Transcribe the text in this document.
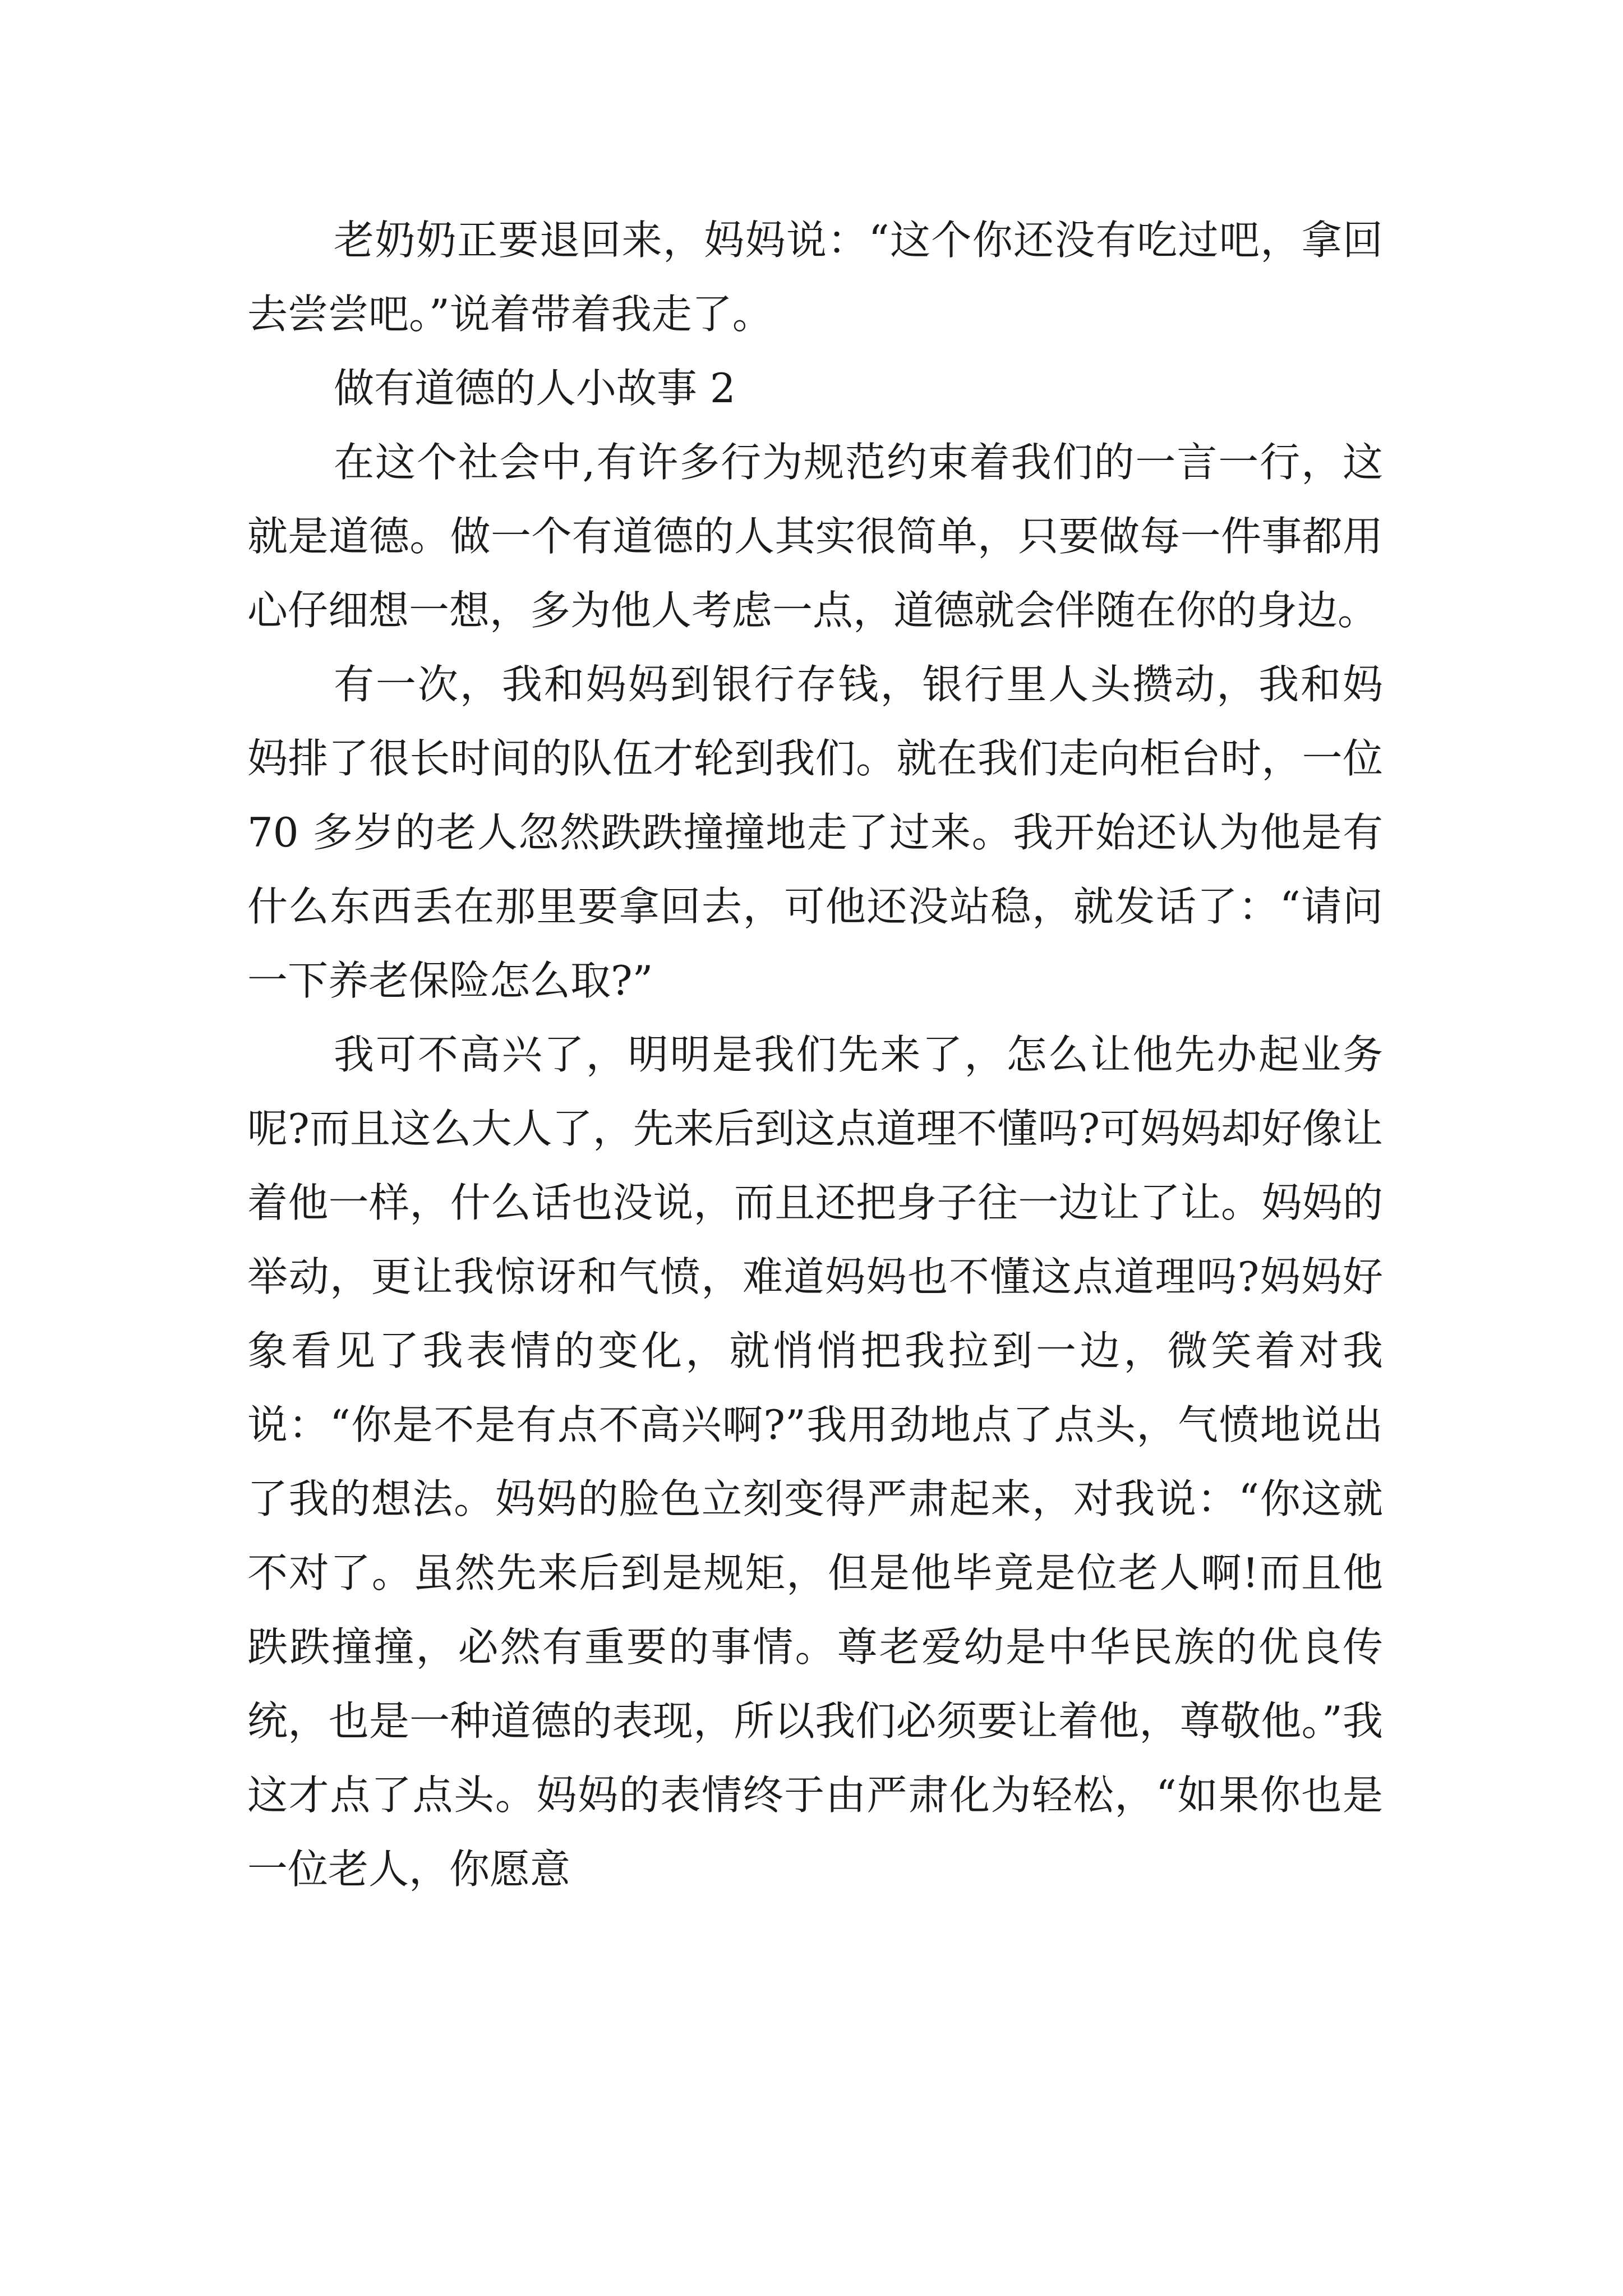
老奶奶正要退回来，妈妈说：“这个你还没有吃过吧，拿回去尝尝吧。”说着带着我走了。

做有道德的人小故事 2

在这个社会中,有许多行为规范约束着我们的一言一行，这就是道德。做一个有道德的人其实很简单，只要做每一件事都用心仔细想一想，多为他人考虑一点，道德就会伴随在你的身边。

有一次，我和妈妈到银行存钱，银行里人头攒动，我和妈妈排了很长时间的队伍才轮到我们。就在我们走向柜台时，一位 70 多岁的老人忽然跌跌撞撞地走了过来。我开始还认为他是有什么东西丢在那里要拿回去，可他还没站稳，就发话了：“请问一下养老保险怎么取?”

我可不高兴了，明明是我们先来了，怎么让他先办起业务呢?而且这么大人了，先来后到这点道理不懂吗?可妈妈却好像让着他一样，什么话也没说，而且还把身子往一边让了让。妈妈的举动，更让我惊讶和气愤，难道妈妈也不懂这点道理吗?妈妈好象看见了我表情的变化，就悄悄把我拉到一边，微笑着对我说：“你是不是有点不高兴啊?”我用劲地点了点头，气愤地说出了我的想法。妈妈的脸色立刻变得严肃起来，对我说：“你这就不对了。虽然先来后到是规矩，但是他毕竟是位老人啊!而且他跌跌撞撞，必然有重要的事情。尊老爱幼是中华民族的优良传统，也是一种道德的表现，所以我们必须要让着他，尊敬他。”我这才点了点头。妈妈的表情终于由严肃化为轻松，“如果你也是一位老人，你愿意
